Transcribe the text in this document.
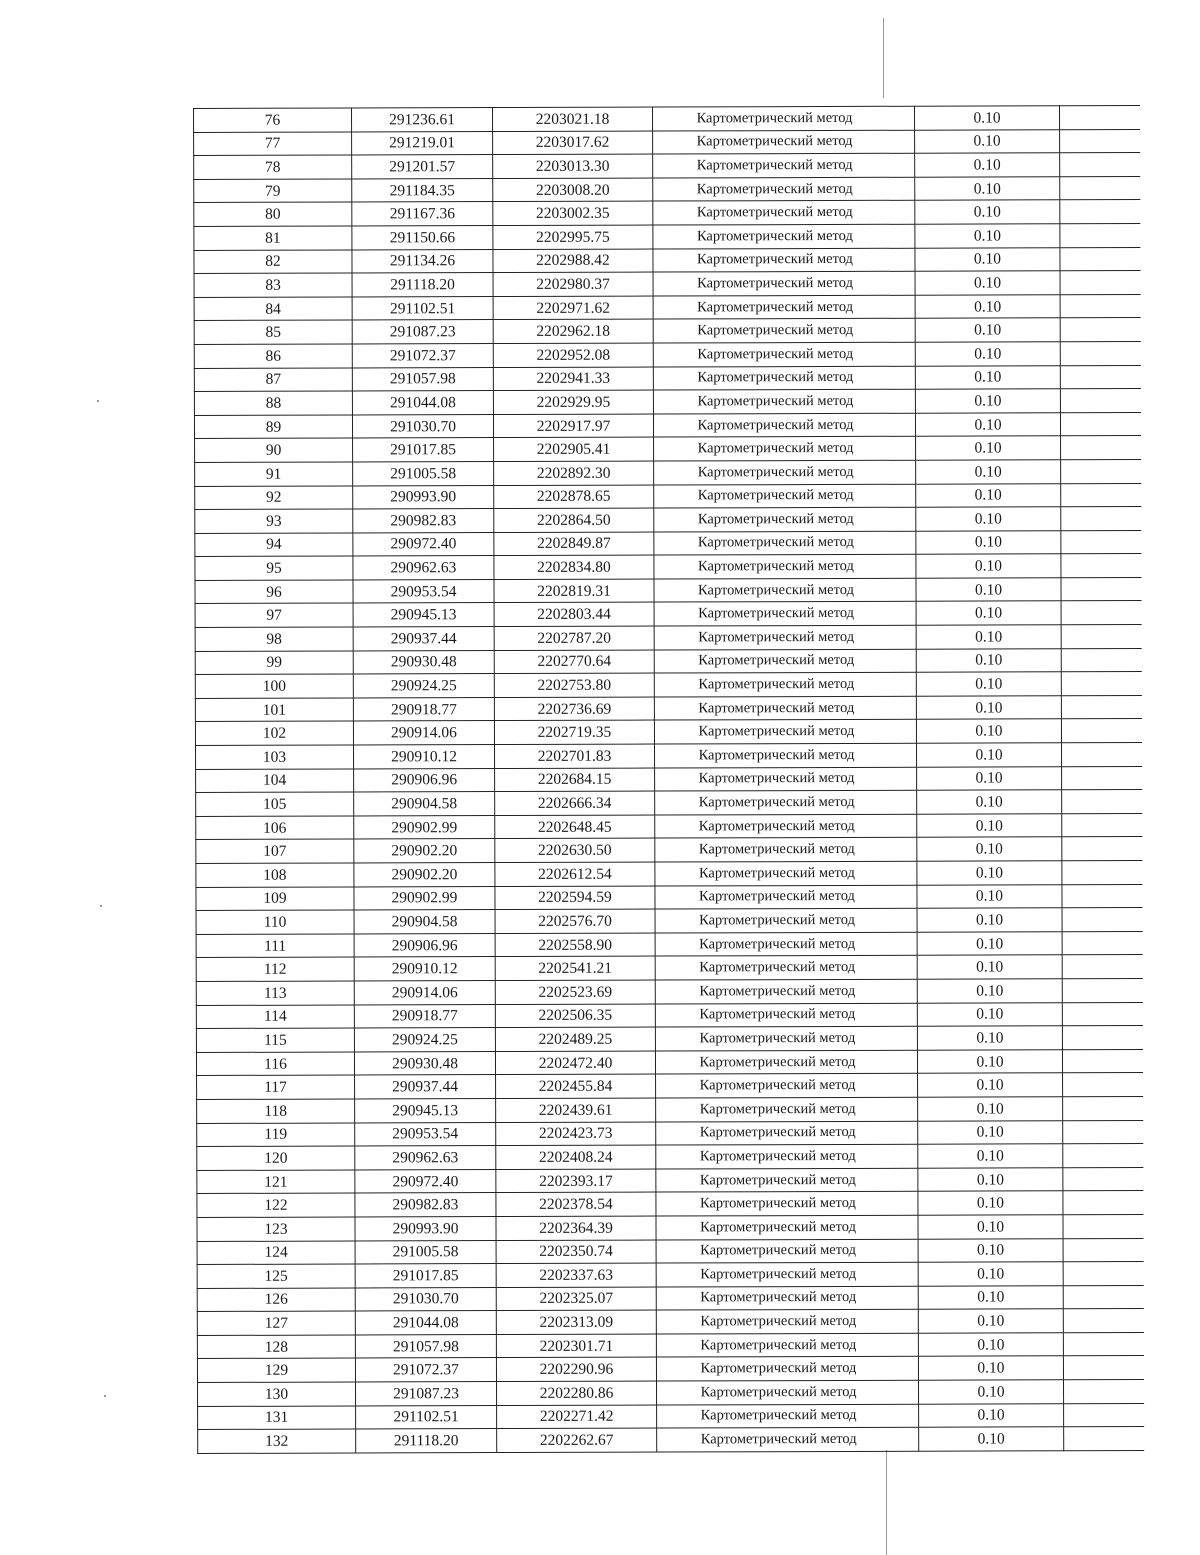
76	291236.61	2203021.18	Картометрический метод	0.10	
77	291219.01	2203017.62	Картометрический метод	0.10	
78	291201.57	2203013.30	Картометрический метод	0.10	
79	291184.35	2203008.20	Картометрический метод	0.10	
80	291167.36	2203002.35	Картометрический метод	0.10	
81	291150.66	2202995.75	Картометрический метод	0.10	
82	291134.26	2202988.42	Картометрический метод	0.10	
83	291118.20	2202980.37	Картометрический метод	0.10	
84	291102.51	2202971.62	Картометрический метод	0.10	
85	291087.23	2202962.18	Картометрический метод	0.10	
86	291072.37	2202952.08	Картометрический метод	0.10	
87	291057.98	2202941.33	Картометрический метод	0.10	
88	291044.08	2202929.95	Картометрический метод	0.10	
89	291030.70	2202917.97	Картометрический метод	0.10	
90	291017.85	2202905.41	Картометрический метод	0.10	
91	291005.58	2202892.30	Картометрический метод	0.10	
92	290993.90	2202878.65	Картометрический метод	0.10	
93	290982.83	2202864.50	Картометрический метод	0.10	
94	290972.40	2202849.87	Картометрический метод	0.10	
95	290962.63	2202834.80	Картометрический метод	0.10	
96	290953.54	2202819.31	Картометрический метод	0.10	
97	290945.13	2202803.44	Картометрический метод	0.10	
98	290937.44	2202787.20	Картометрический метод	0.10	
99	290930.48	2202770.64	Картометрический метод	0.10	
100	290924.25	2202753.80	Картометрический метод	0.10	
101	290918.77	2202736.69	Картометрический метод	0.10	
102	290914.06	2202719.35	Картометрический метод	0.10	
103	290910.12	2202701.83	Картометрический метод	0.10	
104	290906.96	2202684.15	Картометрический метод	0.10	
105	290904.58	2202666.34	Картометрический метод	0.10	
106	290902.99	2202648.45	Картометрический метод	0.10	
107	290902.20	2202630.50	Картометрический метод	0.10	
108	290902.20	2202612.54	Картометрический метод	0.10	
109	290902.99	2202594.59	Картометрический метод	0.10	
110	290904.58	2202576.70	Картометрический метод	0.10	
111	290906.96	2202558.90	Картометрический метод	0.10	
112	290910.12	2202541.21	Картометрический метод	0.10	
113	290914.06	2202523.69	Картометрический метод	0.10	
114	290918.77	2202506.35	Картометрический метод	0.10	
115	290924.25	2202489.25	Картометрический метод	0.10	
116	290930.48	2202472.40	Картометрический метод	0.10	
117	290937.44	2202455.84	Картометрический метод	0.10	
118	290945.13	2202439.61	Картометрический метод	0.10	
119	290953.54	2202423.73	Картометрический метод	0.10	
120	290962.63	2202408.24	Картометрический метод	0.10	
121	290972.40	2202393.17	Картометрический метод	0.10	
122	290982.83	2202378.54	Картометрический метод	0.10	
123	290993.90	2202364.39	Картометрический метод	0.10	
124	291005.58	2202350.74	Картометрический метод	0.10	
125	291017.85	2202337.63	Картометрический метод	0.10	
126	291030.70	2202325.07	Картометрический метод	0.10	
127	291044.08	2202313.09	Картометрический метод	0.10	
128	291057.98	2202301.71	Картометрический метод	0.10	
129	291072.37	2202290.96	Картометрический метод	0.10	
130	291087.23	2202280.86	Картометрический метод	0.10	
131	291102.51	2202271.42	Картометрический метод	0.10	
132	291118.20	2202262.67	Картометрический метод	0.10	
